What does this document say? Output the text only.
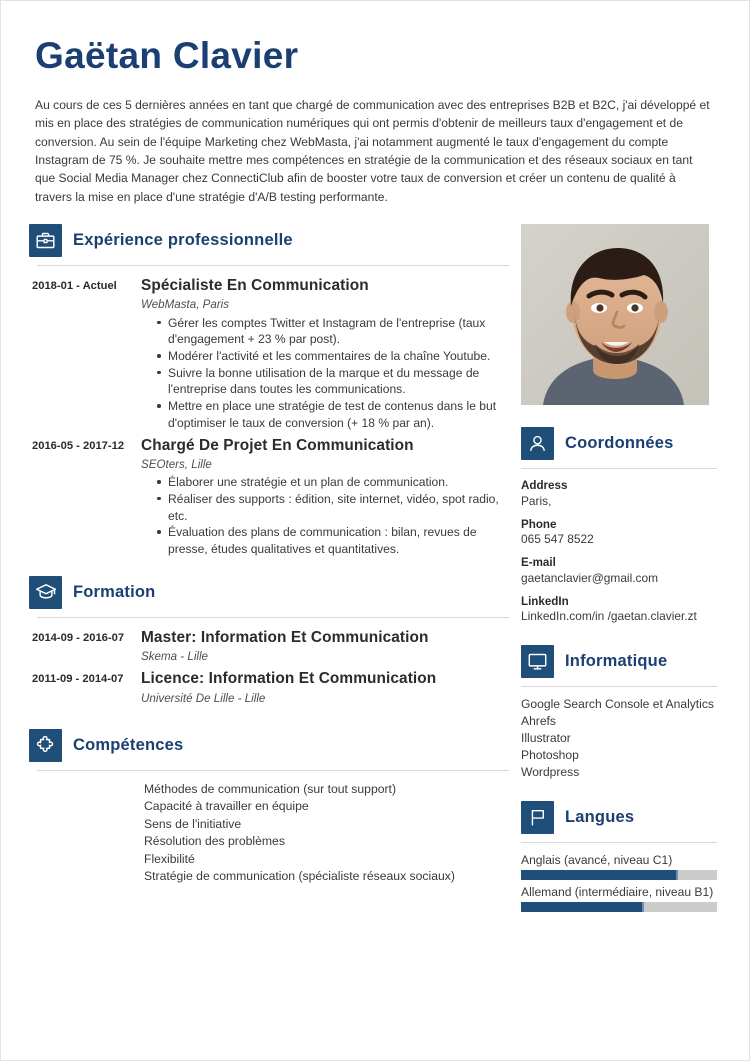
Gaëtan Clavier

Au cours de ces 5 dernières années en tant que chargé de communication avec des entreprises B2B et B2C, j'ai développé et mis en place des stratégies de communication numériques qui ont permis d'obtenir de meilleurs taux d'engagement et de conversion. Au sein de l'équipe Marketing chez WebMasta, j'ai notamment augmenté le taux d'engagement du compte Instagram de 75 %. Je souhaite mettre mes compétences en stratégie de la communication et des réseaux sociaux en tant que Social Media Manager chez ConnectiClub afin de booster votre taux de conversion et créer un contenu de qualité à travers la mise en place d'une stratégie d'A/B testing performante.

Expérience professionnelle
2018-01 - Actuel	Spécialiste En Communication
WebMasta, Paris
Gérer les comptes Twitter et Instagram de l'entreprise (taux d'engagement + 23 % par post).
Modérer l'activité et les commentaires de la chaîne Youtube.
Suivre la bonne utilisation de la marque et du message de l'entreprise dans toutes les communications.
Mettre en place une stratégie de test de contenus dans le but d'optimiser le taux de conversion (+ 18 % par an).
2016-05 - 2017-12	Chargé De Projet En Communication
SEOters, Lille
Élaborer une stratégie et un plan de communication.
Réaliser des supports : édition, site internet, vidéo, spot radio, etc.
Évaluation des plans de communication : bilan, revues de presse, études qualitatives et quantitatives.
Formation
2014-09 - 2016-07	Master: Information Et Communication
Skema - Lille
2011-09 - 2014-07	Licence: Information Et Communication
Université De Lille - Lille
Compétences
Méthodes de communication (sur tout support)
Capacité à travailler en équipe
Sens de l'initiative
Résolution des problèmes
Flexibilité
Stratégie de communication (spécialiste réseaux sociaux)
Coordonnées
Address
Paris,
Phone
065 547 8522
E-mail
gaetanclavier@gmail.com
LinkedIn
LinkedIn.com/in /gaetan.clavier.zt
Informatique
Google Search Console et Analytics
Ahrefs
Illustrator
Photoshop
Wordpress
Langues
Anglais (avancé, niveau C1)
Allemand (intermédiaire, niveau B1)
